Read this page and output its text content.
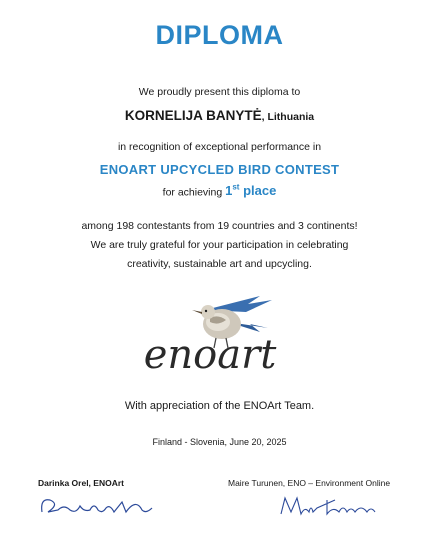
DIPLOMA
We proudly present this diploma to
KORNELIJA BANYTĖ, Lithuania
in recognition of exceptional performance in
ENOART UPCYCLED BIRD CONTEST
for achieving 1st place
among 198 contestants from 19 countries and 3 continents!
We are truly grateful for your participation in celebrating
creativity, sustainable art and upcycling.
enoart
With appreciation of the ENOArt Team.
Finland - Slovenia, June 20, 2025
Darinka Orel, ENOArt	Maire Turunen, ENO – Environment Online
